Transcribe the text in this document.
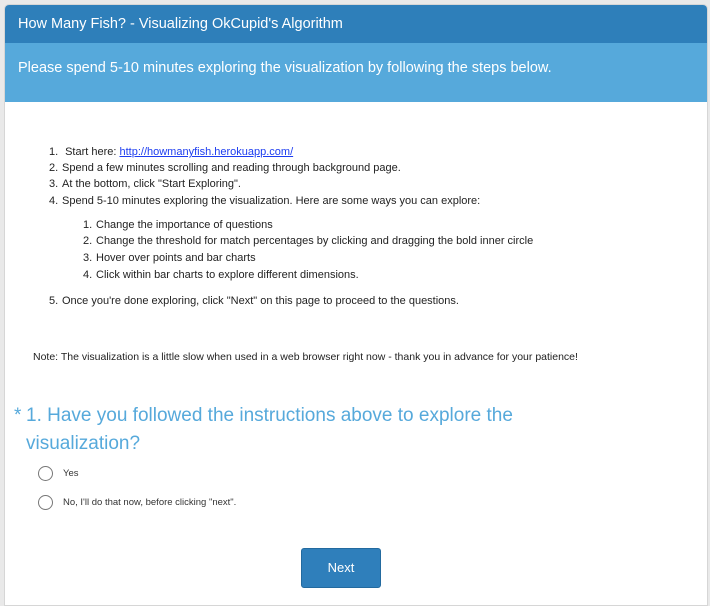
How Many Fish? - Visualizing OkCupid's Algorithm
Please spend 5-10 minutes exploring the visualization by following the steps below.
1. Start here: http://howmanyfish.herokuapp.com/
2. Spend a few minutes scrolling and reading through background page.
3. At the bottom, click "Start Exploring".
4. Spend 5-10 minutes exploring the visualization. Here are some ways you can explore:
1. Change the importance of questions
2. Change the threshold for match percentages by clicking and dragging the bold inner circle
3. Hover over points and bar charts
4. Click within bar charts to explore different dimensions.
5. Once you're done exploring, click "Next" on this page to proceed to the questions.
Note: The visualization is a little slow when used in a web browser right now - thank you in advance for your patience!
* 1. Have you followed the instructions above to explore the visualization?
Yes
No, I'll do that now, before clicking "next".
Next
